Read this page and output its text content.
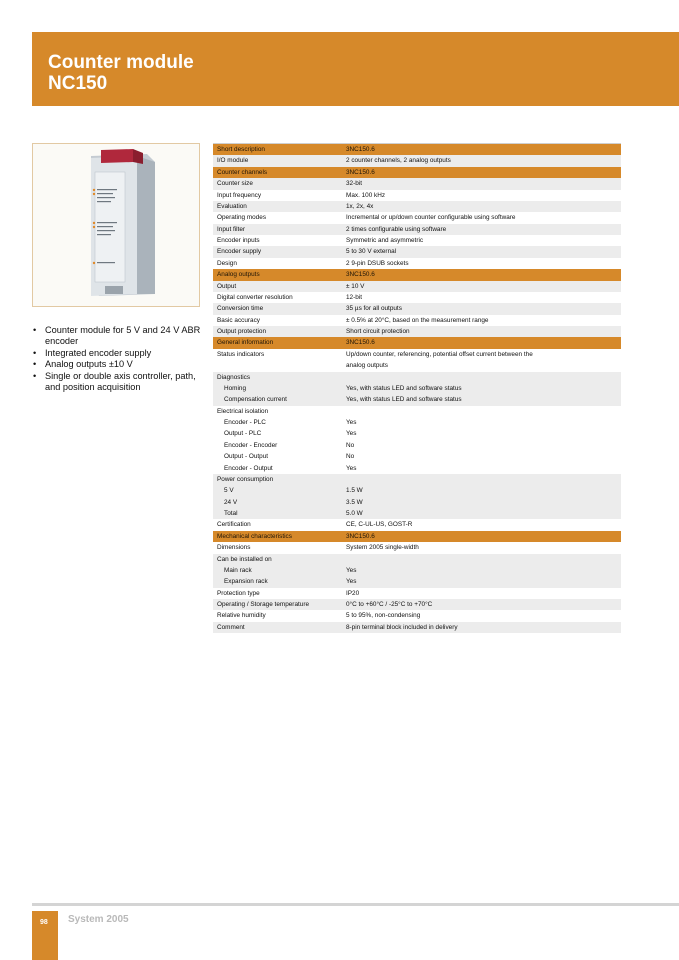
Counter module
NC150
• Counter module for 5 V and 24 V ABR encoder
• Integrated encoder supply
• Analog outputs ±10 V
• Single or double axis controller, path, and position acquisition
Short description	3NC150.6
I/O module	2 counter channels, 2 analog outputs
Counter channels	3NC150.6
Counter size	32-bit
Input frequency	Max. 100 kHz
Evaluation	1x, 2x, 4x
Operating modes	Incremental or up/down counter configurable using software
Input filter	2 times configurable using software
Encoder inputs	Symmetric and asymmetric
Encoder supply	5 to 30 V external
Design	2 9-pin DSUB sockets
Analog outputs	3NC150.6
Output	± 10 V
Digital converter resolution	12-bit
Conversion time	35 µs for all outputs
Basic accuracy	± 0.5% at 20°C, based on the measurement range
Output protection	Short circuit protection
General information	3NC150.6
Status indicators	Up/down counter, referencing, potential offset current between the
	analog outputs
Diagnostics	
Homing	Yes, with status LED and software status
Compensation current	Yes, with status LED and software status
Electrical isolation	
Encoder - PLC	Yes
Output - PLC	Yes
Encoder - Encoder	No
Output - Output	No
Encoder - Output	Yes
Power consumption	
5 V	1.5 W
24 V	3.5 W
Total	5.0 W
Certification	CE, C-UL-US, GOST-R
Mechanical characteristics	3NC150.6
Dimensions	System 2005 single-width
Can be installed on	
Main rack	Yes
Expansion rack	Yes
Protection type	IP20
Operating / Storage temperature	0°C to +60°C / -25°C to +70°C
Relative humidity	5 to 95%, non-condensing
Comment	8-pin terminal block included in delivery
98 System 2005
